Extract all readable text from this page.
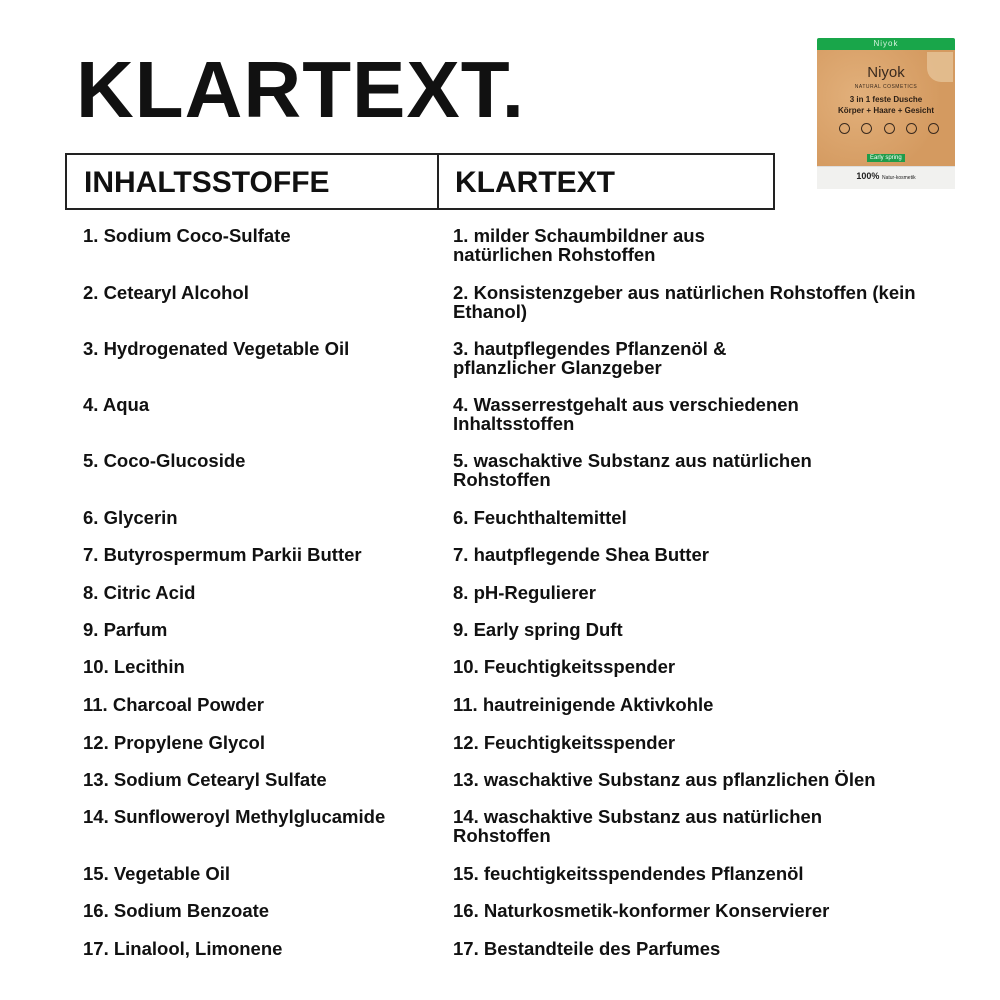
KLARTEXT.
INHALTSSTOFFE	KLARTEXT
1. Sodium Coco-Sulfate	1. milder Schaumbildner aus
natürlichen Rohstoffen
2. Cetearyl Alcohol	2. Konsistenzgeber aus natürlichen Rohstoffen (kein
Ethanol)
3. Hydrogenated Vegetable Oil	3. hautpflegendes Pflanzenöl &
pflanzlicher Glanzgeber
4. Aqua	4. Wasserrestgehalt aus verschiedenen
Inhaltsstoffen
5. Coco-Glucoside	5. waschaktive Substanz aus natürlichen
Rohstoffen
6. Glycerin	6. Feuchthaltemittel
7. Butyrospermum Parkii Butter	7. hautpflegende Shea Butter
8. Citric Acid	8. pH-Regulierer
9. Parfum	9. Early spring Duft
10. Lecithin	10. Feuchtigkeitsspender
11. Charcoal Powder	11. hautreinigende Aktivkohle
12. Propylene Glycol	12. Feuchtigkeitsspender
13. Sodium Cetearyl Sulfate	13. waschaktive Substanz aus pflanzlichen Ölen
14. Sunfloweroyl Methylglucamide	14. waschaktive Substanz aus natürlichen
Rohstoffen
15. Vegetable Oil	15. feuchtigkeitsspendendes Pflanzenöl
16. Sodium Benzoate	16. Naturkosmetik-konformer Konservierer
17. Linalool, Limonene	17. Bestandteile des Parfumes
Niyok
Niyok
NATURAL COSMETICS
3 in 1 feste Dusche
Körper + Haare + Gesicht
Early spring
100% Natur-kosmetik
